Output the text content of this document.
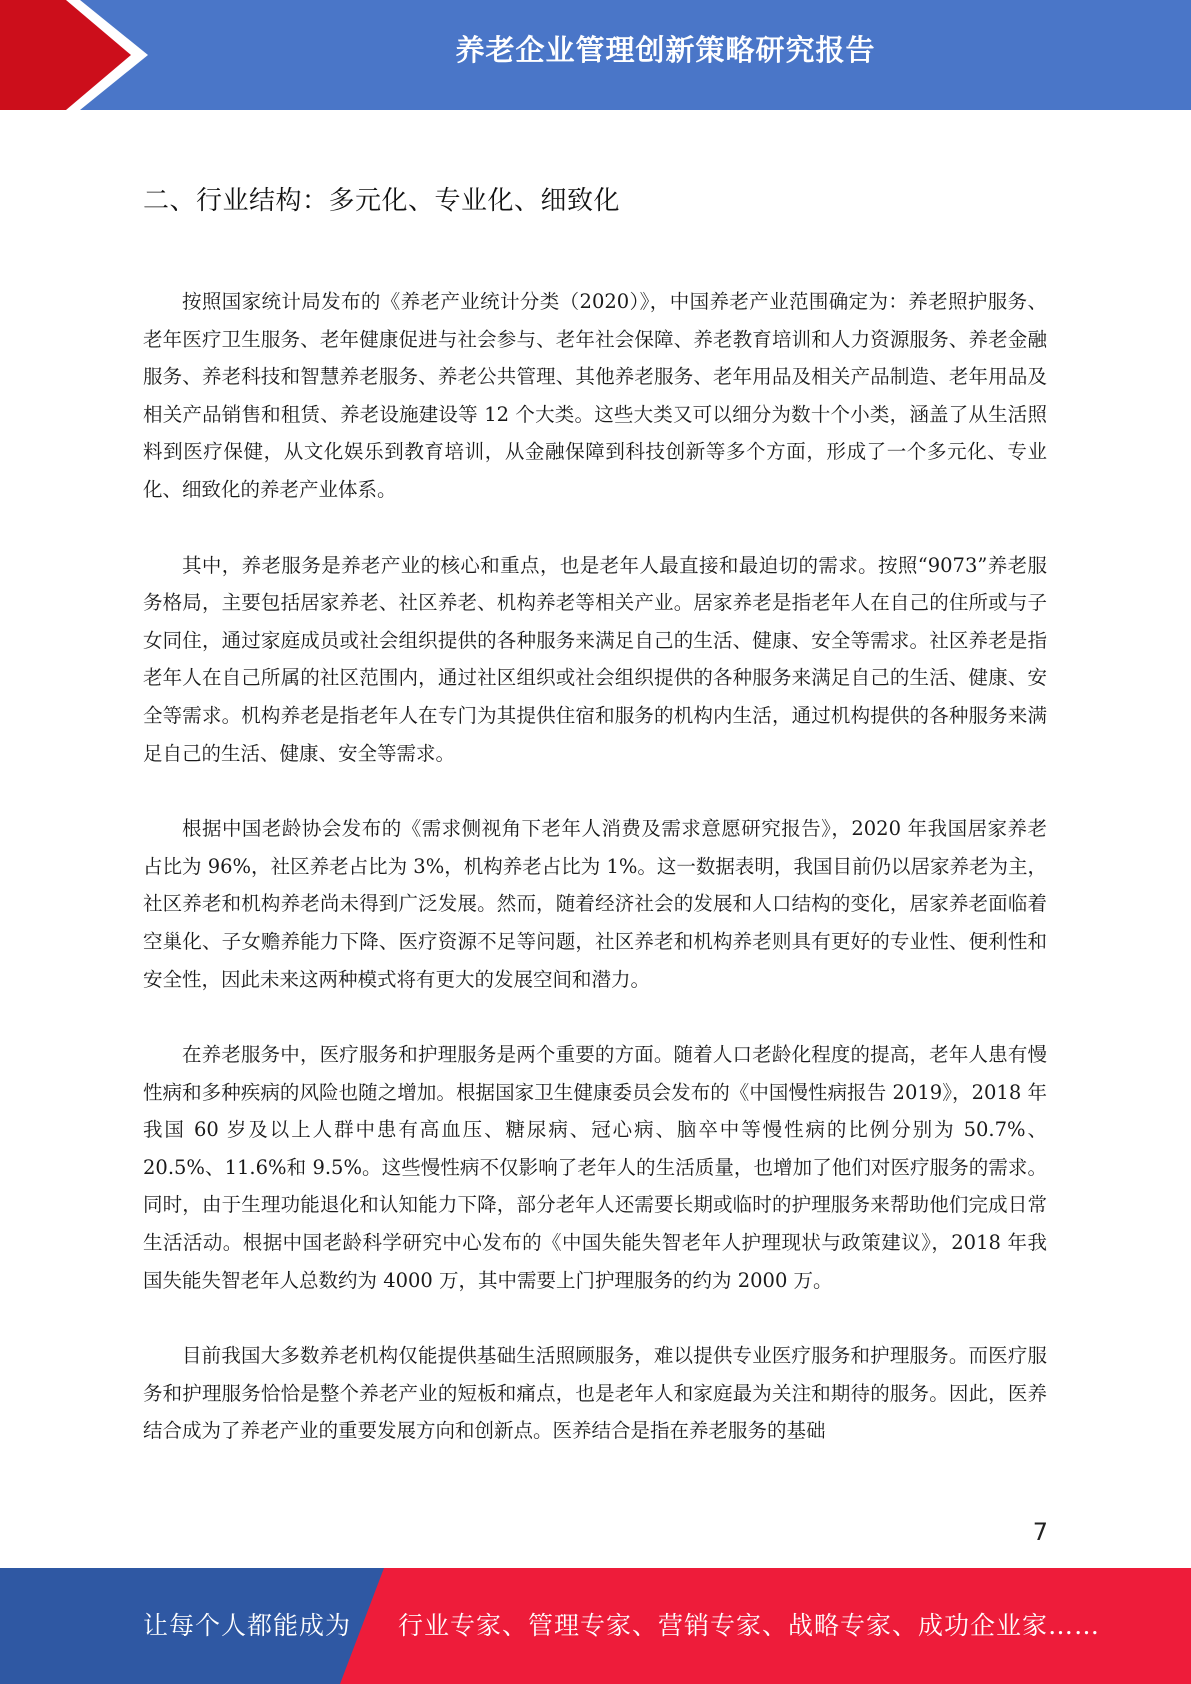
养老企业管理创新策略研究报告
二、行业结构：多元化、专业化、细致化

按照国家统计局发布的《养老产业统计分类（2020）》，中国养老产业范围确定为：养老照护服务、老年医疗卫生服务、老年健康促进与社会参与、老年社会保障、养老教育培训和人力资源服务、养老金融服务、养老科技和智慧养老服务、养老公共管理、其他养老服务、老年用品及相关产品制造、老年用品及相关产品销售和租赁、养老设施建设等 12 个大类。这些大类又可以细分为数十个小类，涵盖了从生活照料到医疗保健，从文化娱乐到教育培训，从金融保障到科技创新等多个方面，形成了一个多元化、专业化、细致化的养老产业体系。

其中，养老服务是养老产业的核心和重点，也是老年人最直接和最迫切的需求。按照“9073”养老服务格局，主要包括居家养老、社区养老、机构养老等相关产业。居家养老是指老年人在自己的住所或与子女同住，通过家庭成员或社会组织提供的各种服务来满足自己的生活、健康、安全等需求。社区养老是指老年人在自己所属的社区范围内，通过社区组织或社会组织提供的各种服务来满足自己的生活、健康、安全等需求。机构养老是指老年人在专门为其提供住宿和服务的机构内生活，通过机构提供的各种服务来满足自己的生活、健康、安全等需求。

根据中国老龄协会发布的《需求侧视角下老年人消费及需求意愿研究报告》，2020 年我国居家养老占比为 96%，社区养老占比为 3%，机构养老占比为 1%。这一数据表明，我国目前仍以居家养老为主，社区养老和机构养老尚未得到广泛发展。然而，随着经济社会的发展和人口结构的变化，居家养老面临着空巢化、子女赡养能力下降、医疗资源不足等问题，社区养老和机构养老则具有更好的专业性、便利性和安全性，因此未来这两种模式将有更大的发展空间和潜力。

在养老服务中，医疗服务和护理服务是两个重要的方面。随着人口老龄化程度的提高，老年人患有慢性病和多种疾病的风险也随之增加。根据国家卫生健康委员会发布的《中国慢性病报告 2019》，2018 年我国 60 岁及以上人群中患有高血压、糖尿病、冠心病、脑卒中等慢性病的比例分别为 50.7%、20.5%、11.6%和 9.5%。这些慢性病不仅影响了老年人的生活质量，也增加了他们对医疗服务的需求。同时，由于生理功能退化和认知能力下降，部分老年人还需要长期或临时的护理服务来帮助他们完成日常生活活动。根据中国老龄科学研究中心发布的《中国失能失智老年人护理现状与政策建议》，2018 年我国失能失智老年人总数约为 4000 万，其中需要上门护理服务的约为 2000 万。

目前我国大多数养老机构仅能提供基础生活照顾服务，难以提供专业医疗服务和护理服务。而医疗服务和护理服务恰恰是整个养老产业的短板和痛点，也是老年人和家庭最为关注和期待的服务。因此，医养结合成为了养老产业的重要发展方向和创新点。医养结合是指在养老服务的基础

7
让每个人都能成为 行业专家、管理专家、营销专家、战略专家、成功企业家……
